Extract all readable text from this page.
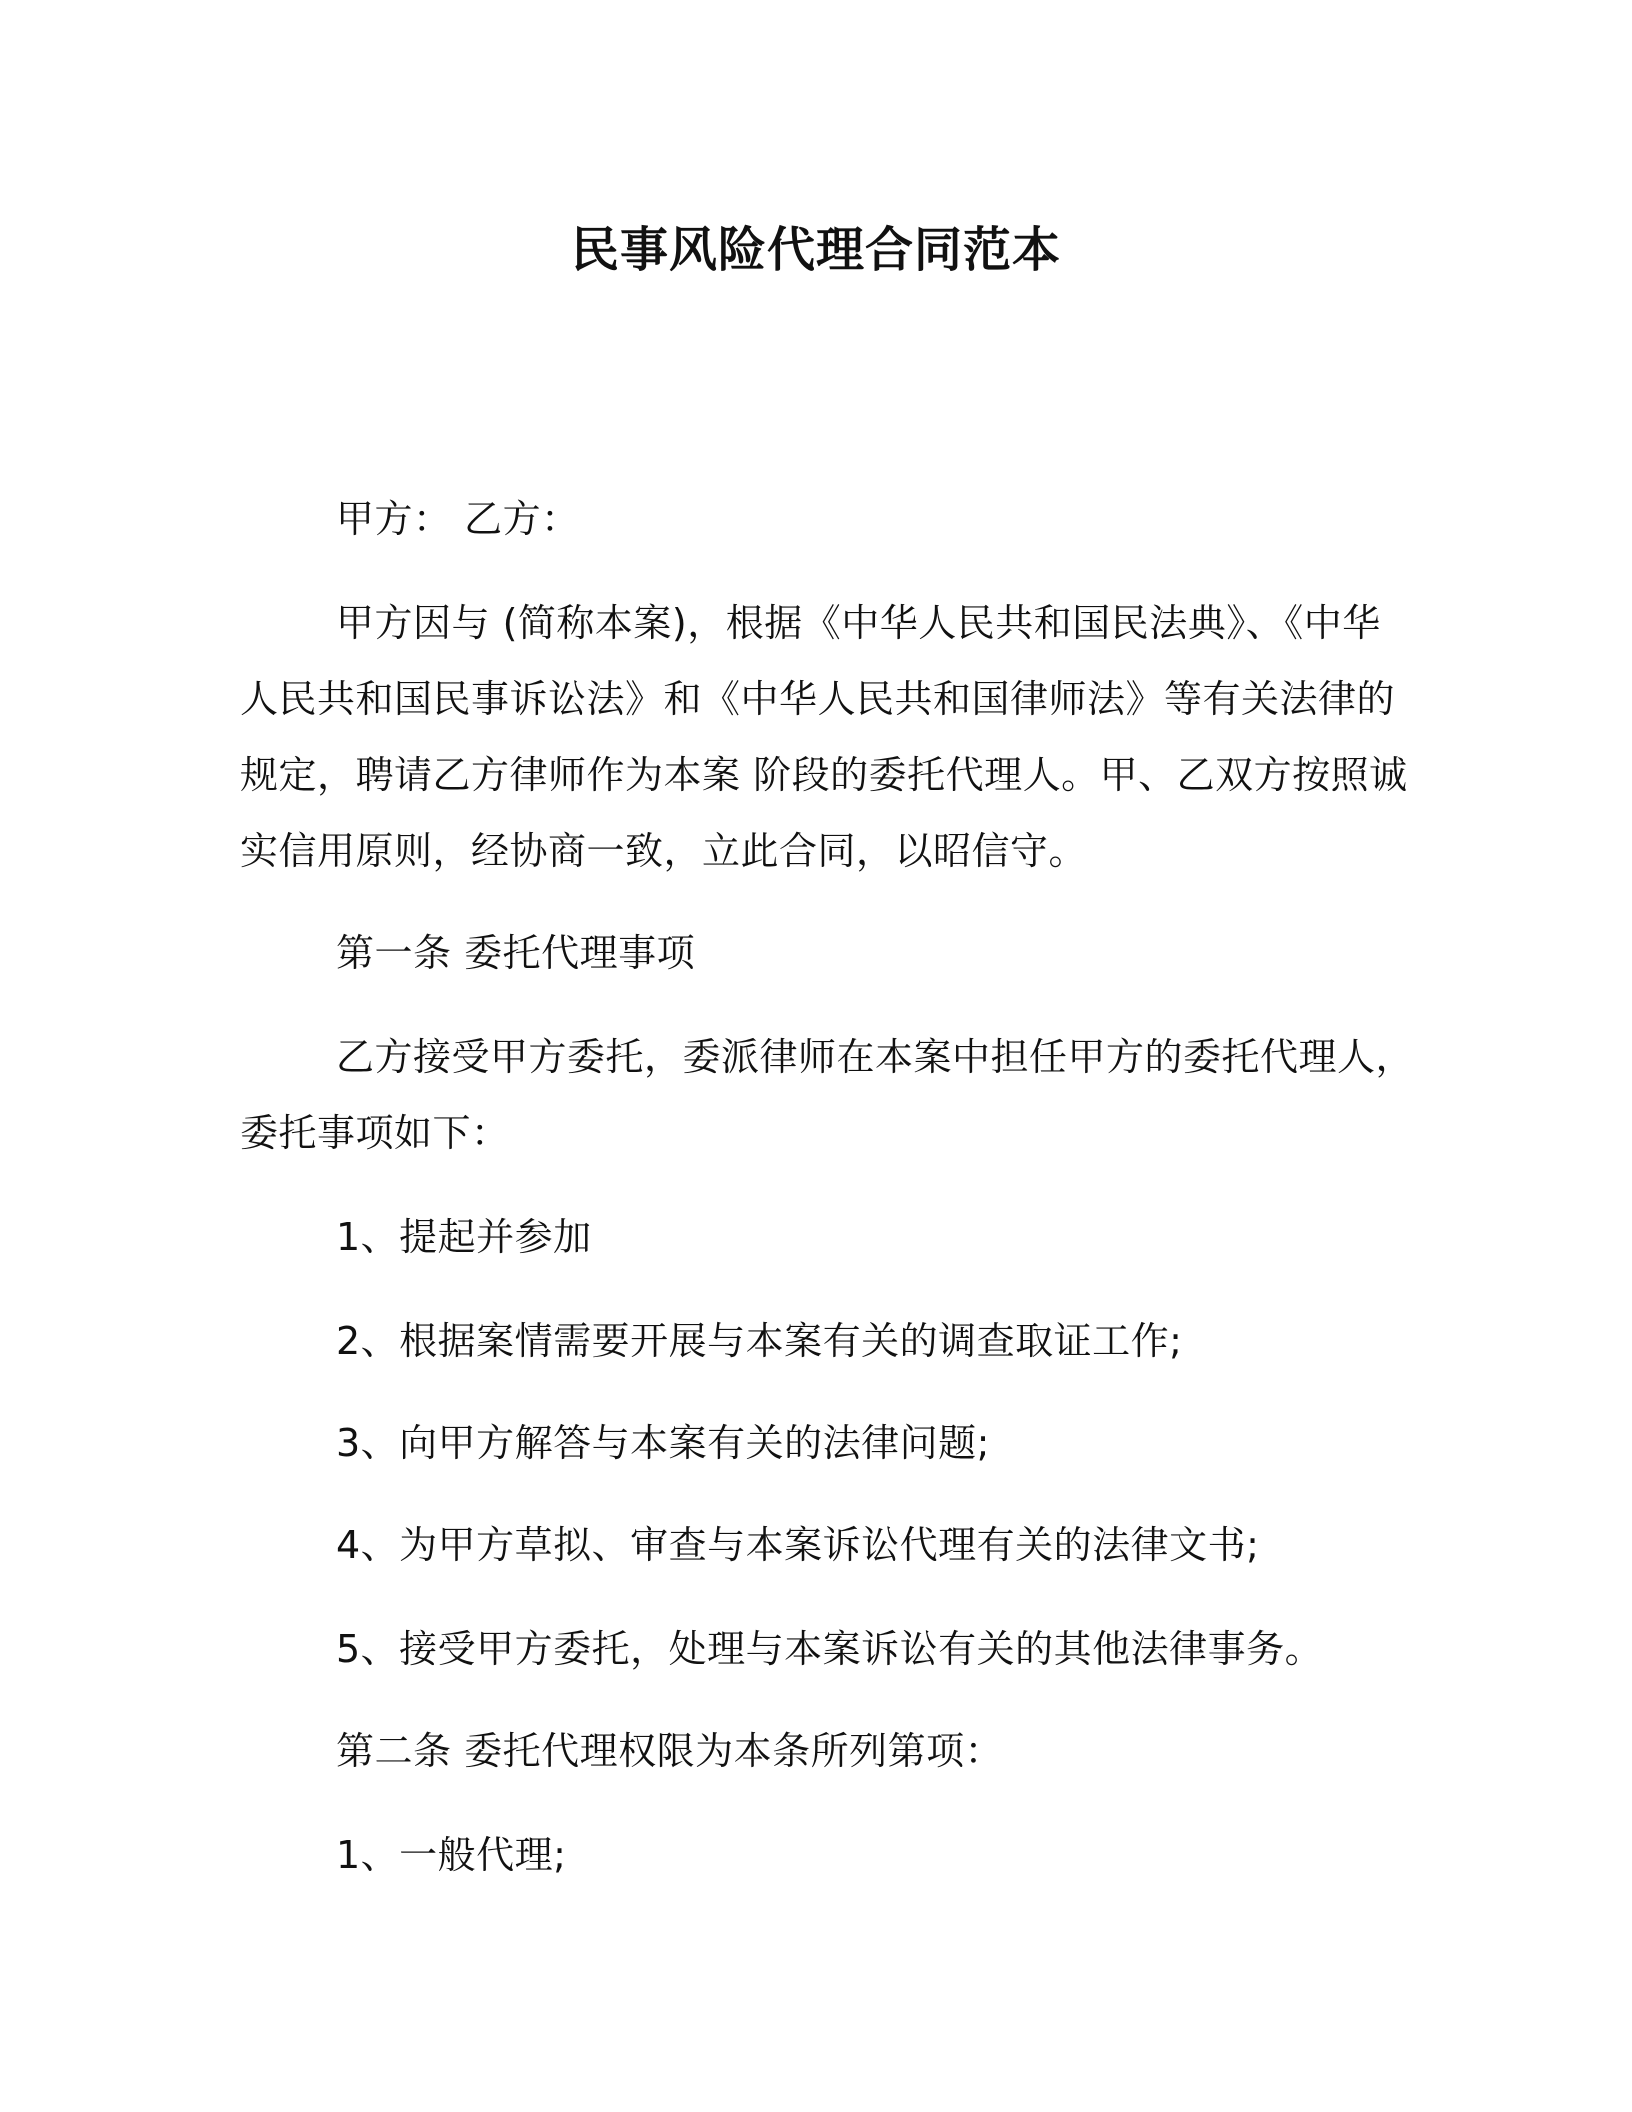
民事风险代理合同范本
甲方： 乙方：
甲方因与 (简称本案)，根据《中华人民共和国民法典》、《中华
人民共和国民事诉讼法》和《中华人民共和国律师法》等有关法律的
规定，聘请乙方律师作为本案 阶段的委托代理人。甲、乙双方按照诚
实信用原则，经协商一致，立此合同，以昭信守。
第一条 委托代理事项
乙方接受甲方委托，委派律师在本案中担任甲方的委托代理人，
委托事项如下：
1、提起并参加
2、根据案情需要开展与本案有关的调查取证工作;
3、向甲方解答与本案有关的法律问题;
4、为甲方草拟、审查与本案诉讼代理有关的法律文书;
5、接受甲方委托，处理与本案诉讼有关的其他法律事务。
第二条 委托代理权限为本条所列第项：
1、一般代理;
